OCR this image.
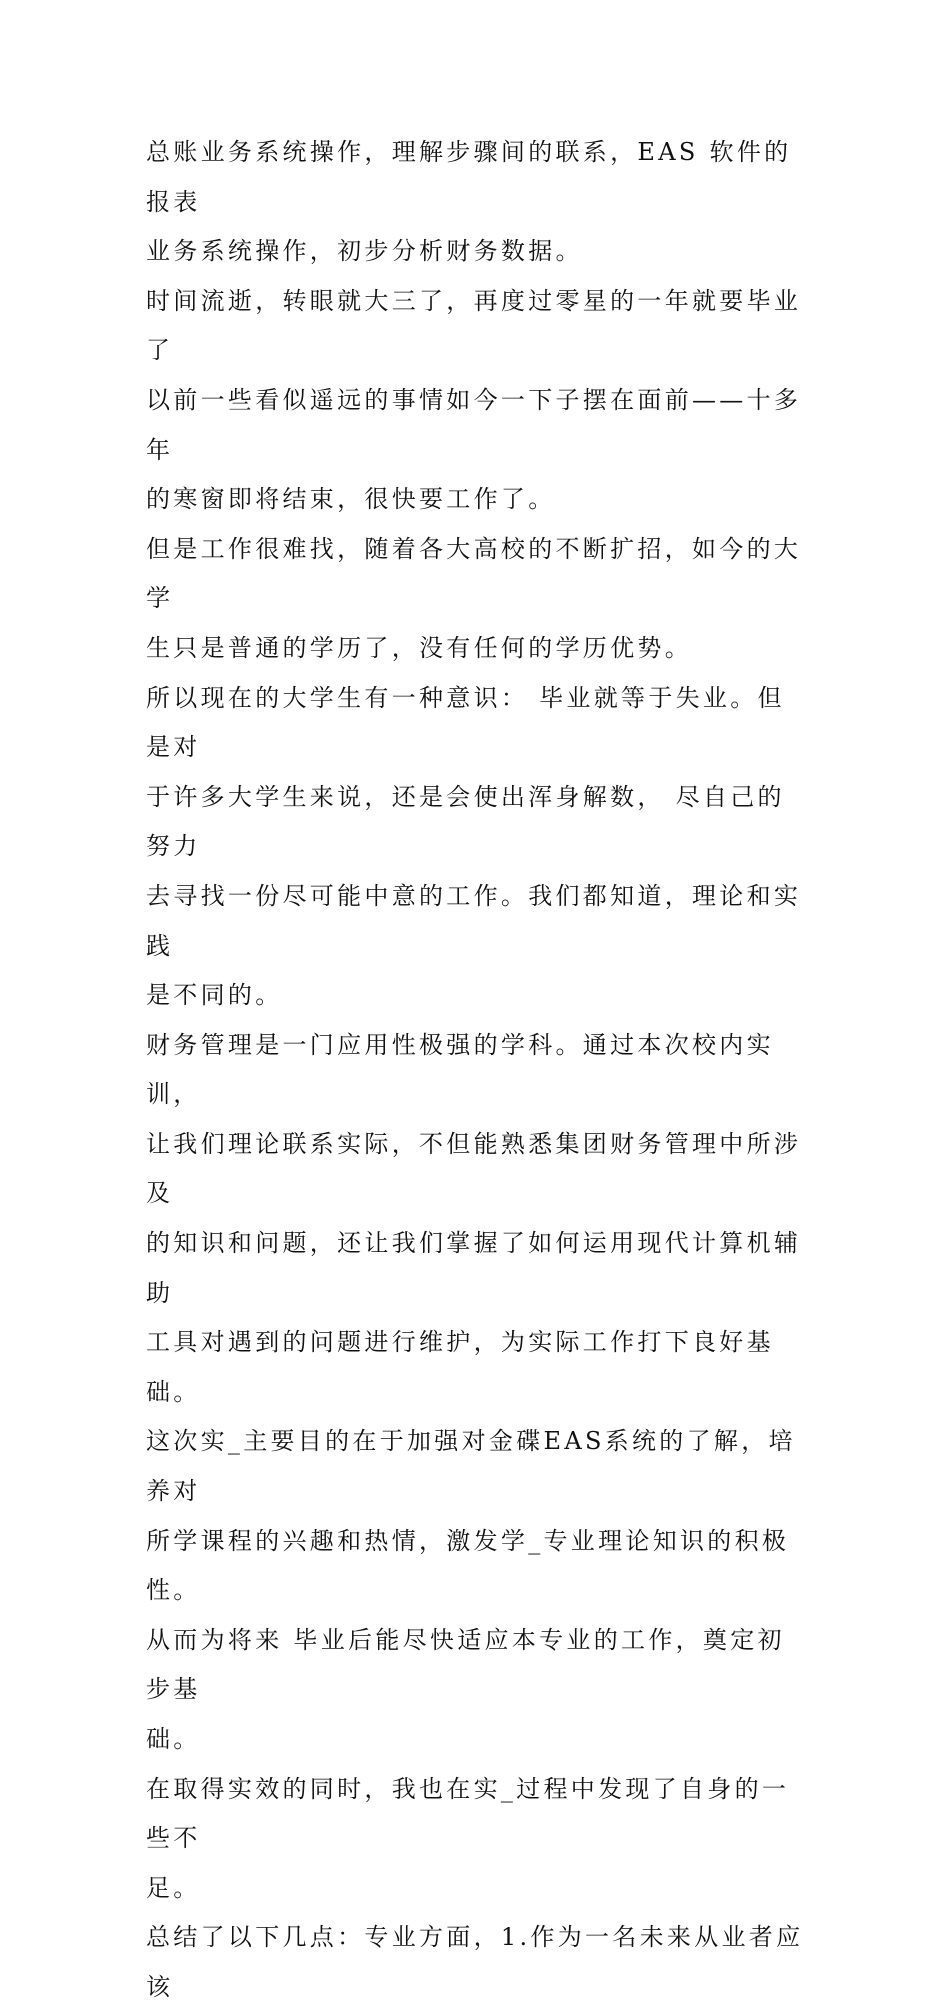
总账业务系统操作，理解步骤间的联系，EAS 软件的报表
业务系统操作，初步分析财务数据。

时间流逝，转眼就大三了，再度过零星的一年就要毕业了
以前一些看似遥远的事情如今一下子摆在面前——十多年
的寒窗即将结束，很快要工作了。

但是工作很难找，随着各大高校的不断扩招，如今的大学
生只是普通的学历了，没有任何的学历优势。

所以现在的大学生有一种意识： 毕业就等于失业。但是对
于许多大学生来说，还是会使出浑身解数， 尽自己的努力
去寻找一份尽可能中意的工作。我们都知道，理论和实践
是不同的。

财务管理是一门应用性极强的学科。通过本次校内实训，
让我们理论联系实际，不但能熟悉集团财务管理中所涉及
的知识和问题，还让我们掌握了如何运用现代计算机辅助
工具对遇到的问题进行维护，为实际工作打下良好基础。

这次实_主要目的在于加强对金碟EAS系统的了解，培养对
所学课程的兴趣和热情，激发学_专业理论知识的积极性。
从而为将来 毕业后能尽快适应本专业的工作，奠定初步基
础。

在取得实效的同时，我也在实_过程中发现了自身的一些不
足。

总结了以下几点：专业方面，1.作为一名未来从业者应该
